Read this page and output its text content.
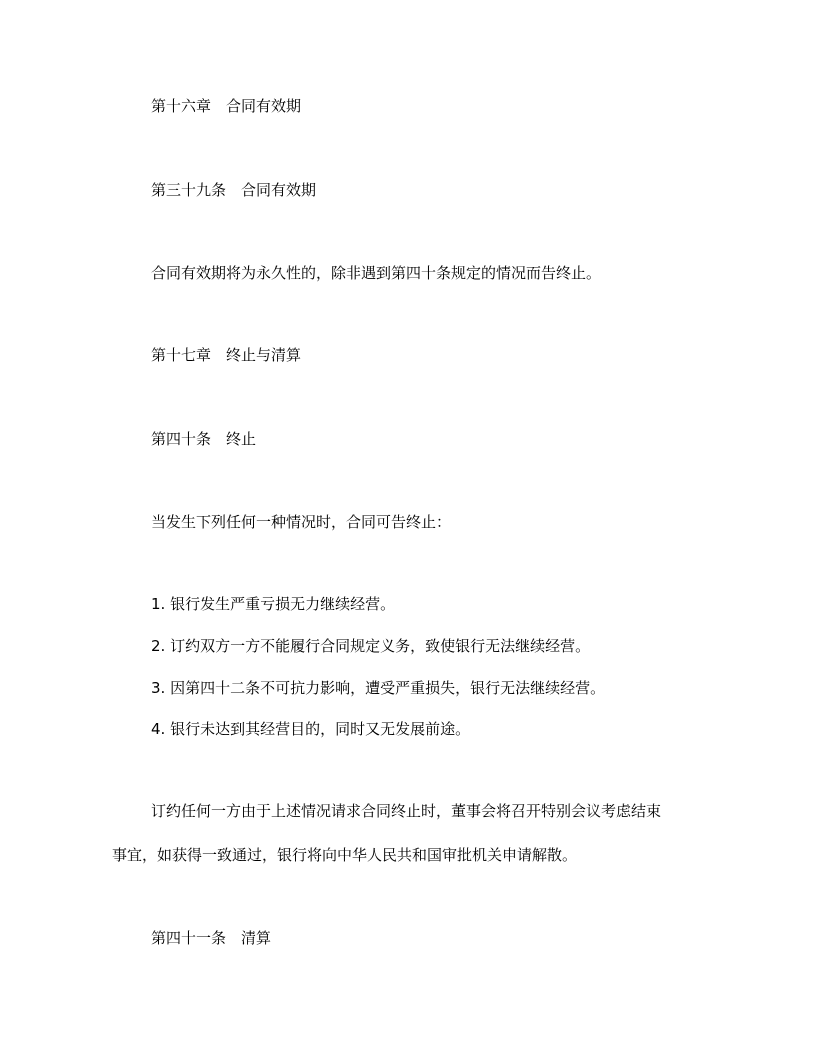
第十六章　 合同有效期
第三十九条　 合同有效期
合同有效期将为永久性的，除非遇到第四十条规定的情况而告终止。
第十七章　 终止与清算
第四十条　 终止
当发生下列任何一种情况时，合同可告终止：
1. 银行发生严重亏损无力继续经营。
2. 订约双方一方不能履行合同规定义务，致使银行无法继续经营。
3. 因第四十二条不可抗力影响，遭受严重损失，银行无法继续经营。
4. 银行未达到其经营目的，同时又无发展前途。
订约任何一方由于上述情况请求合同终止时，董事会将召开特别会议考虑结束
事宜，如获得一致通过，银行将向中华人民共和国审批机关申请解散。
第四十一条　 清算
